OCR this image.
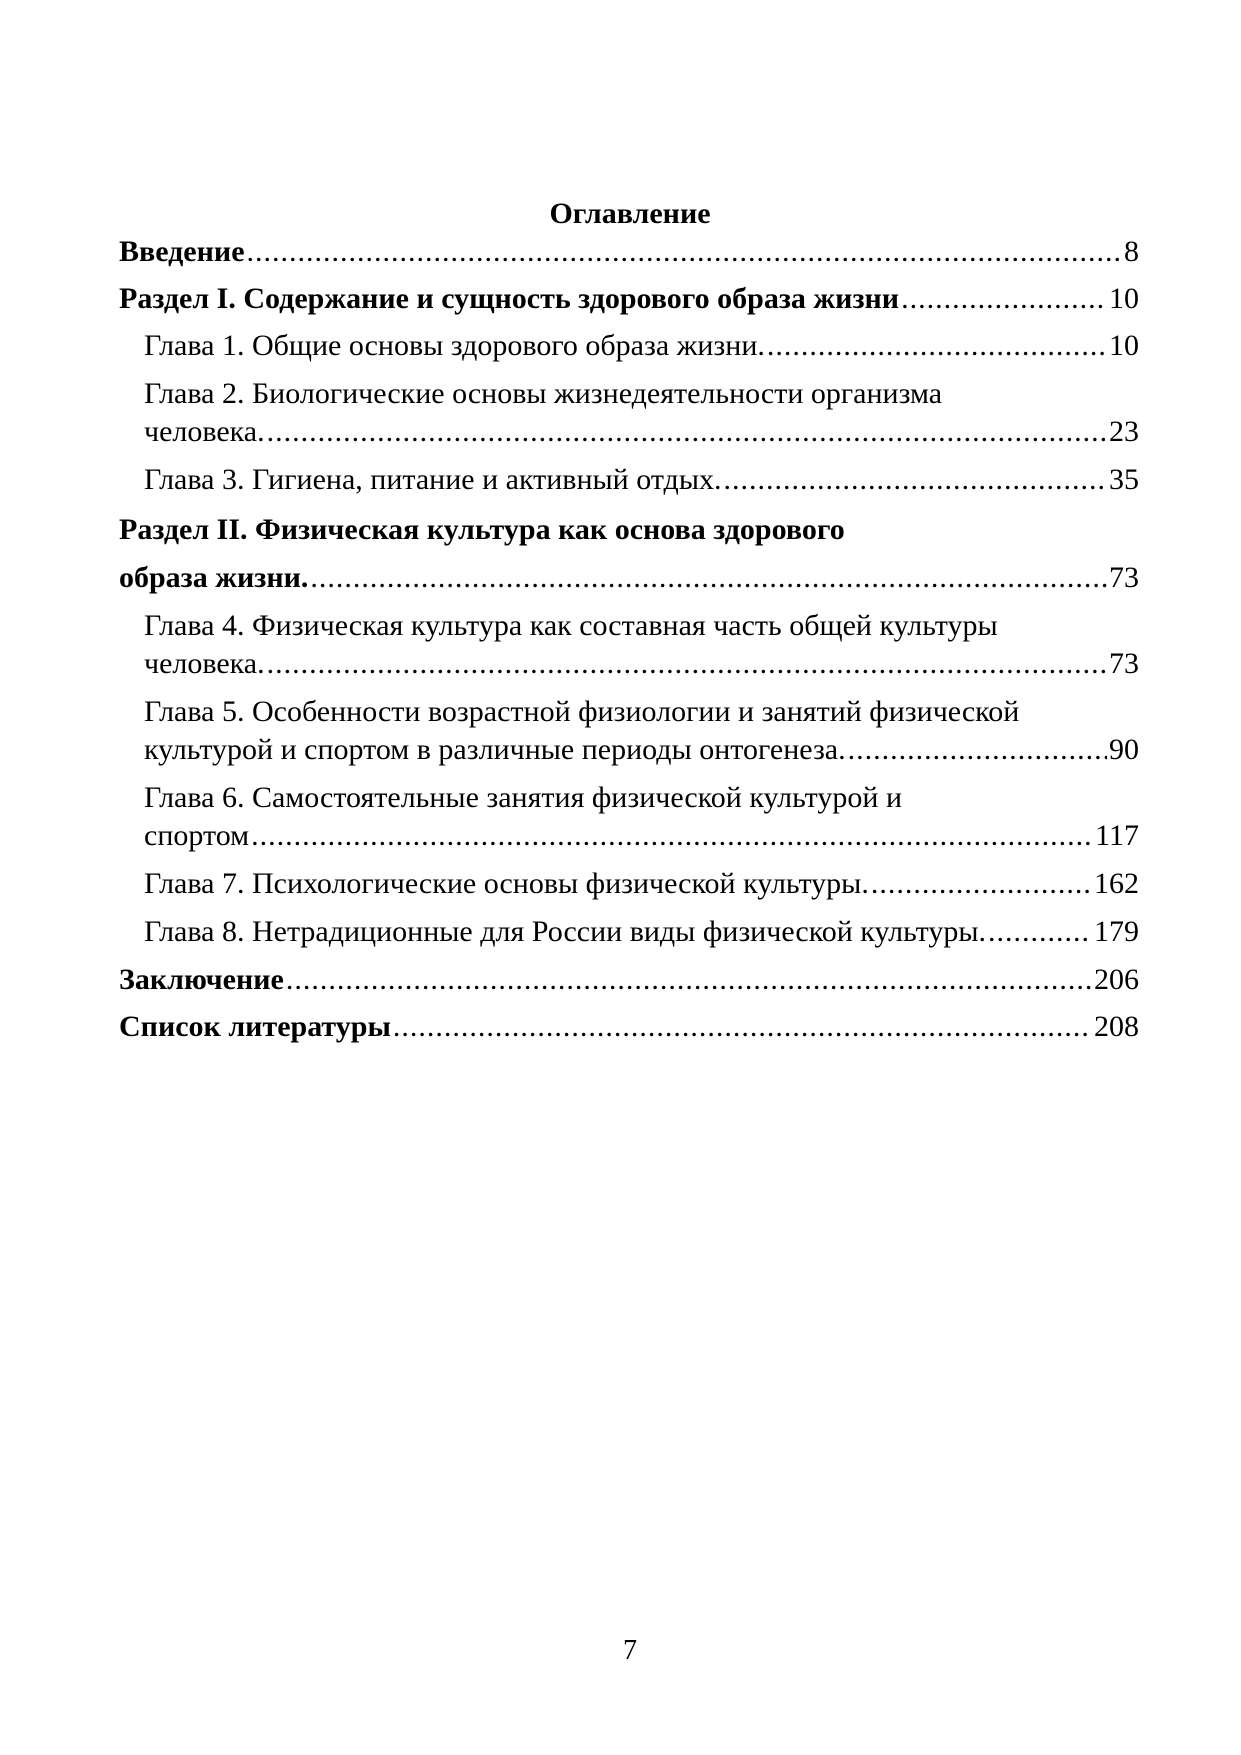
Оглавление
Введение .....	8
Раздел I. Содержание и сущность здорового образа жизни .....	10
Глава 1. Общие основы здорового образа жизни. .....	10
Глава 2. Биологические основы жизнедеятельности организма
человека. .....	23
Глава 3. Гигиена, питание и активный отдых. .....	35
Раздел II. Физическая культура как основа здорового
образа жизни. .....	73
Глава 4. Физическая культура как составная часть общей культуры
человека. .....	73
Глава 5. Особенности возрастной физиологии и занятий физической
культурой и спортом в различные периоды онтогенеза. .....	90
Глава 6. Самостоятельные занятия физической культурой и
спортом .....	117
Глава 7. Психологические основы физической культуры. .....	162
Глава 8. Нетрадиционные для России виды физической культуры. .....	179
Заключение .....	206
Список литературы .....	208
7
